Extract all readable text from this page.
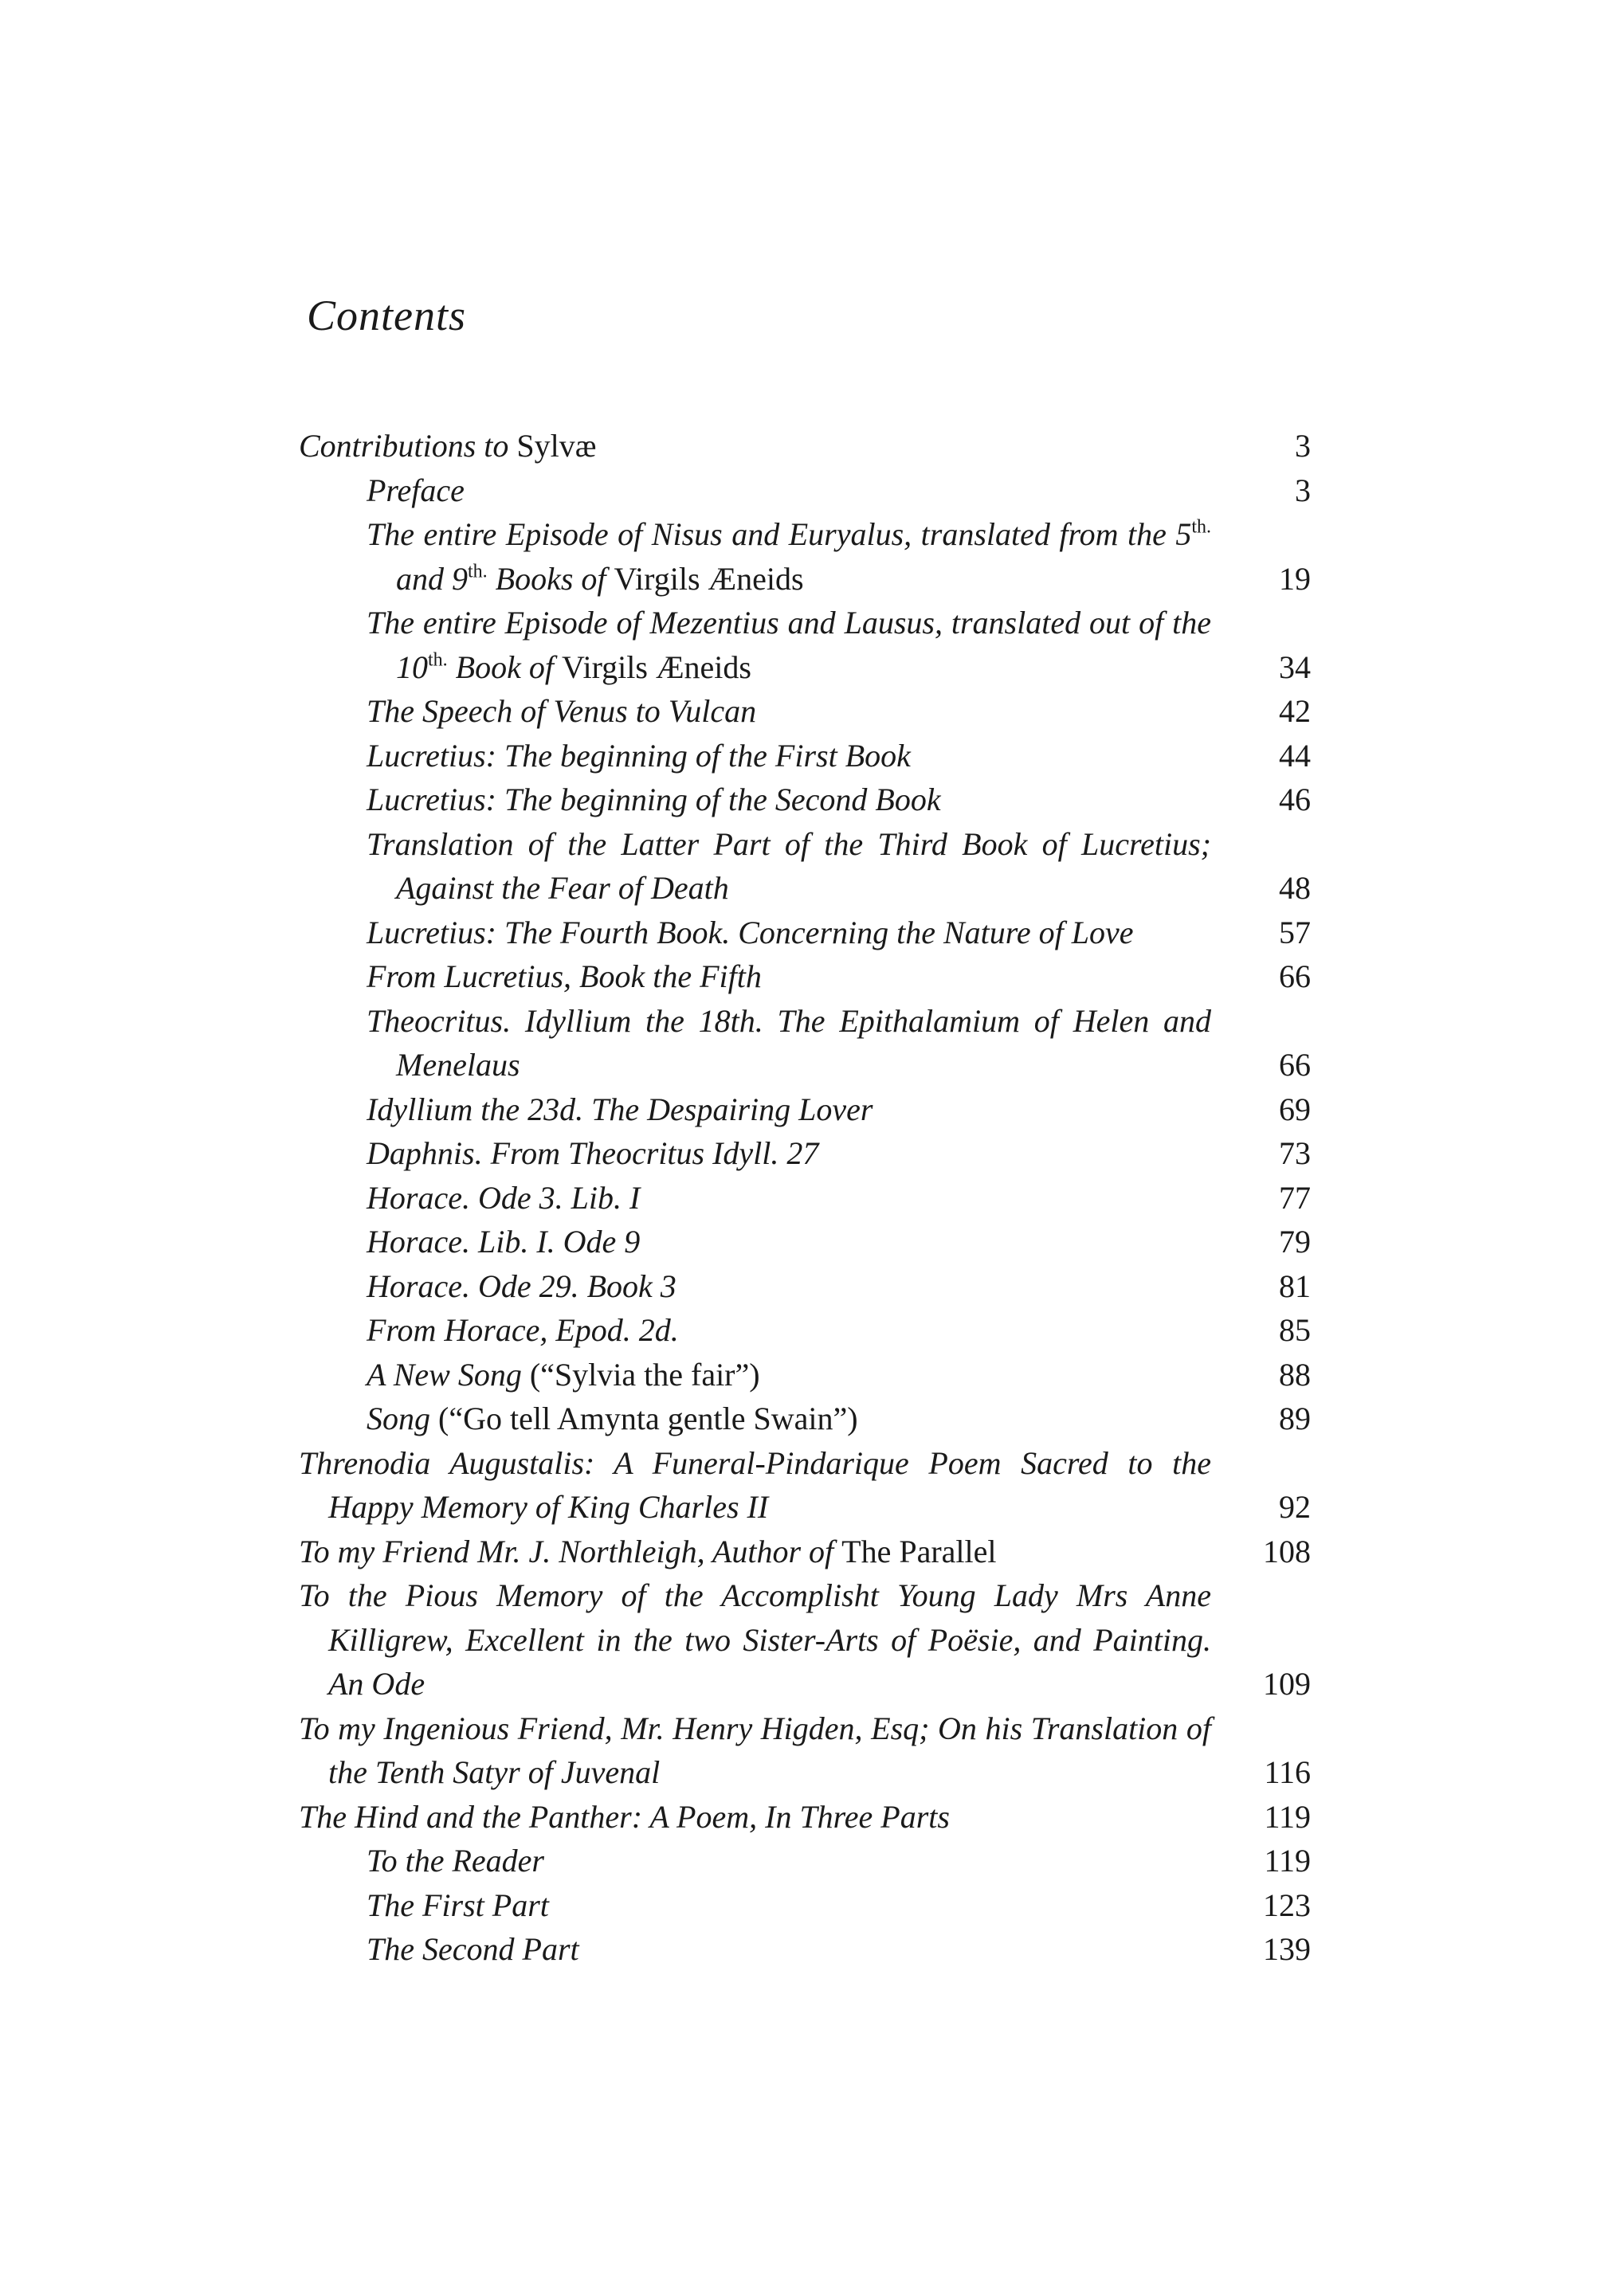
Contents
Contributions to Sylvæ	3
Preface	3
The entire Episode of Nisus and Euryalus, translated from the $5^{th.}$ and $9^{th.}$ Books of Virgils Æneids	19
The entire Episode of Mezentius and Lausus, translated out of the $10^{th.}$ Book of Virgils Æneids	34
The Speech of Venus to Vulcan	42
Lucretius: The beginning of the First Book	44
Lucretius: The beginning of the Second Book	46
Translation of the Latter Part of the Third Book of Lucretius; Against the Fear of Death	48
Lucretius: The Fourth Book. Concerning the Nature of Love	57
From Lucretius, Book the Fifth	66
Theocritus. Idyllium the 18th. The Epithalamium of Helen and Menelaus	66
Idyllium the 23d. The Despairing Lover	69
Daphnis. From Theocritus Idyll. 27	73
Horace. Ode 3. Lib. I	77
Horace. Lib. I. Ode 9	79
Horace. Ode 29. Book 3	81
From Horace, Epod. 2d.	85
A New Song (“Sylvia the fair”)	88
Song (“Go tell Amynta gentle Swain”)	89
Threnodia Augustalis: A Funeral-Pindarique Poem Sacred to the Happy Memory of King Charles II	92
To my Friend Mr. J. Northleigh, Author of The Parallel	108
To the Pious Memory of the Accomplisht Young Lady Mrs Anne Killigrew, Excellent in the two Sister-Arts of Poësie, and Painting. An Ode	109
To my Ingenious Friend, Mr. Henry Higden, Esq; On his Translation of the Tenth Satyr of Juvenal	116
The Hind and the Panther: A Poem, In Three Parts	119
To the Reader	119
The First Part	123
The Second Part	139
